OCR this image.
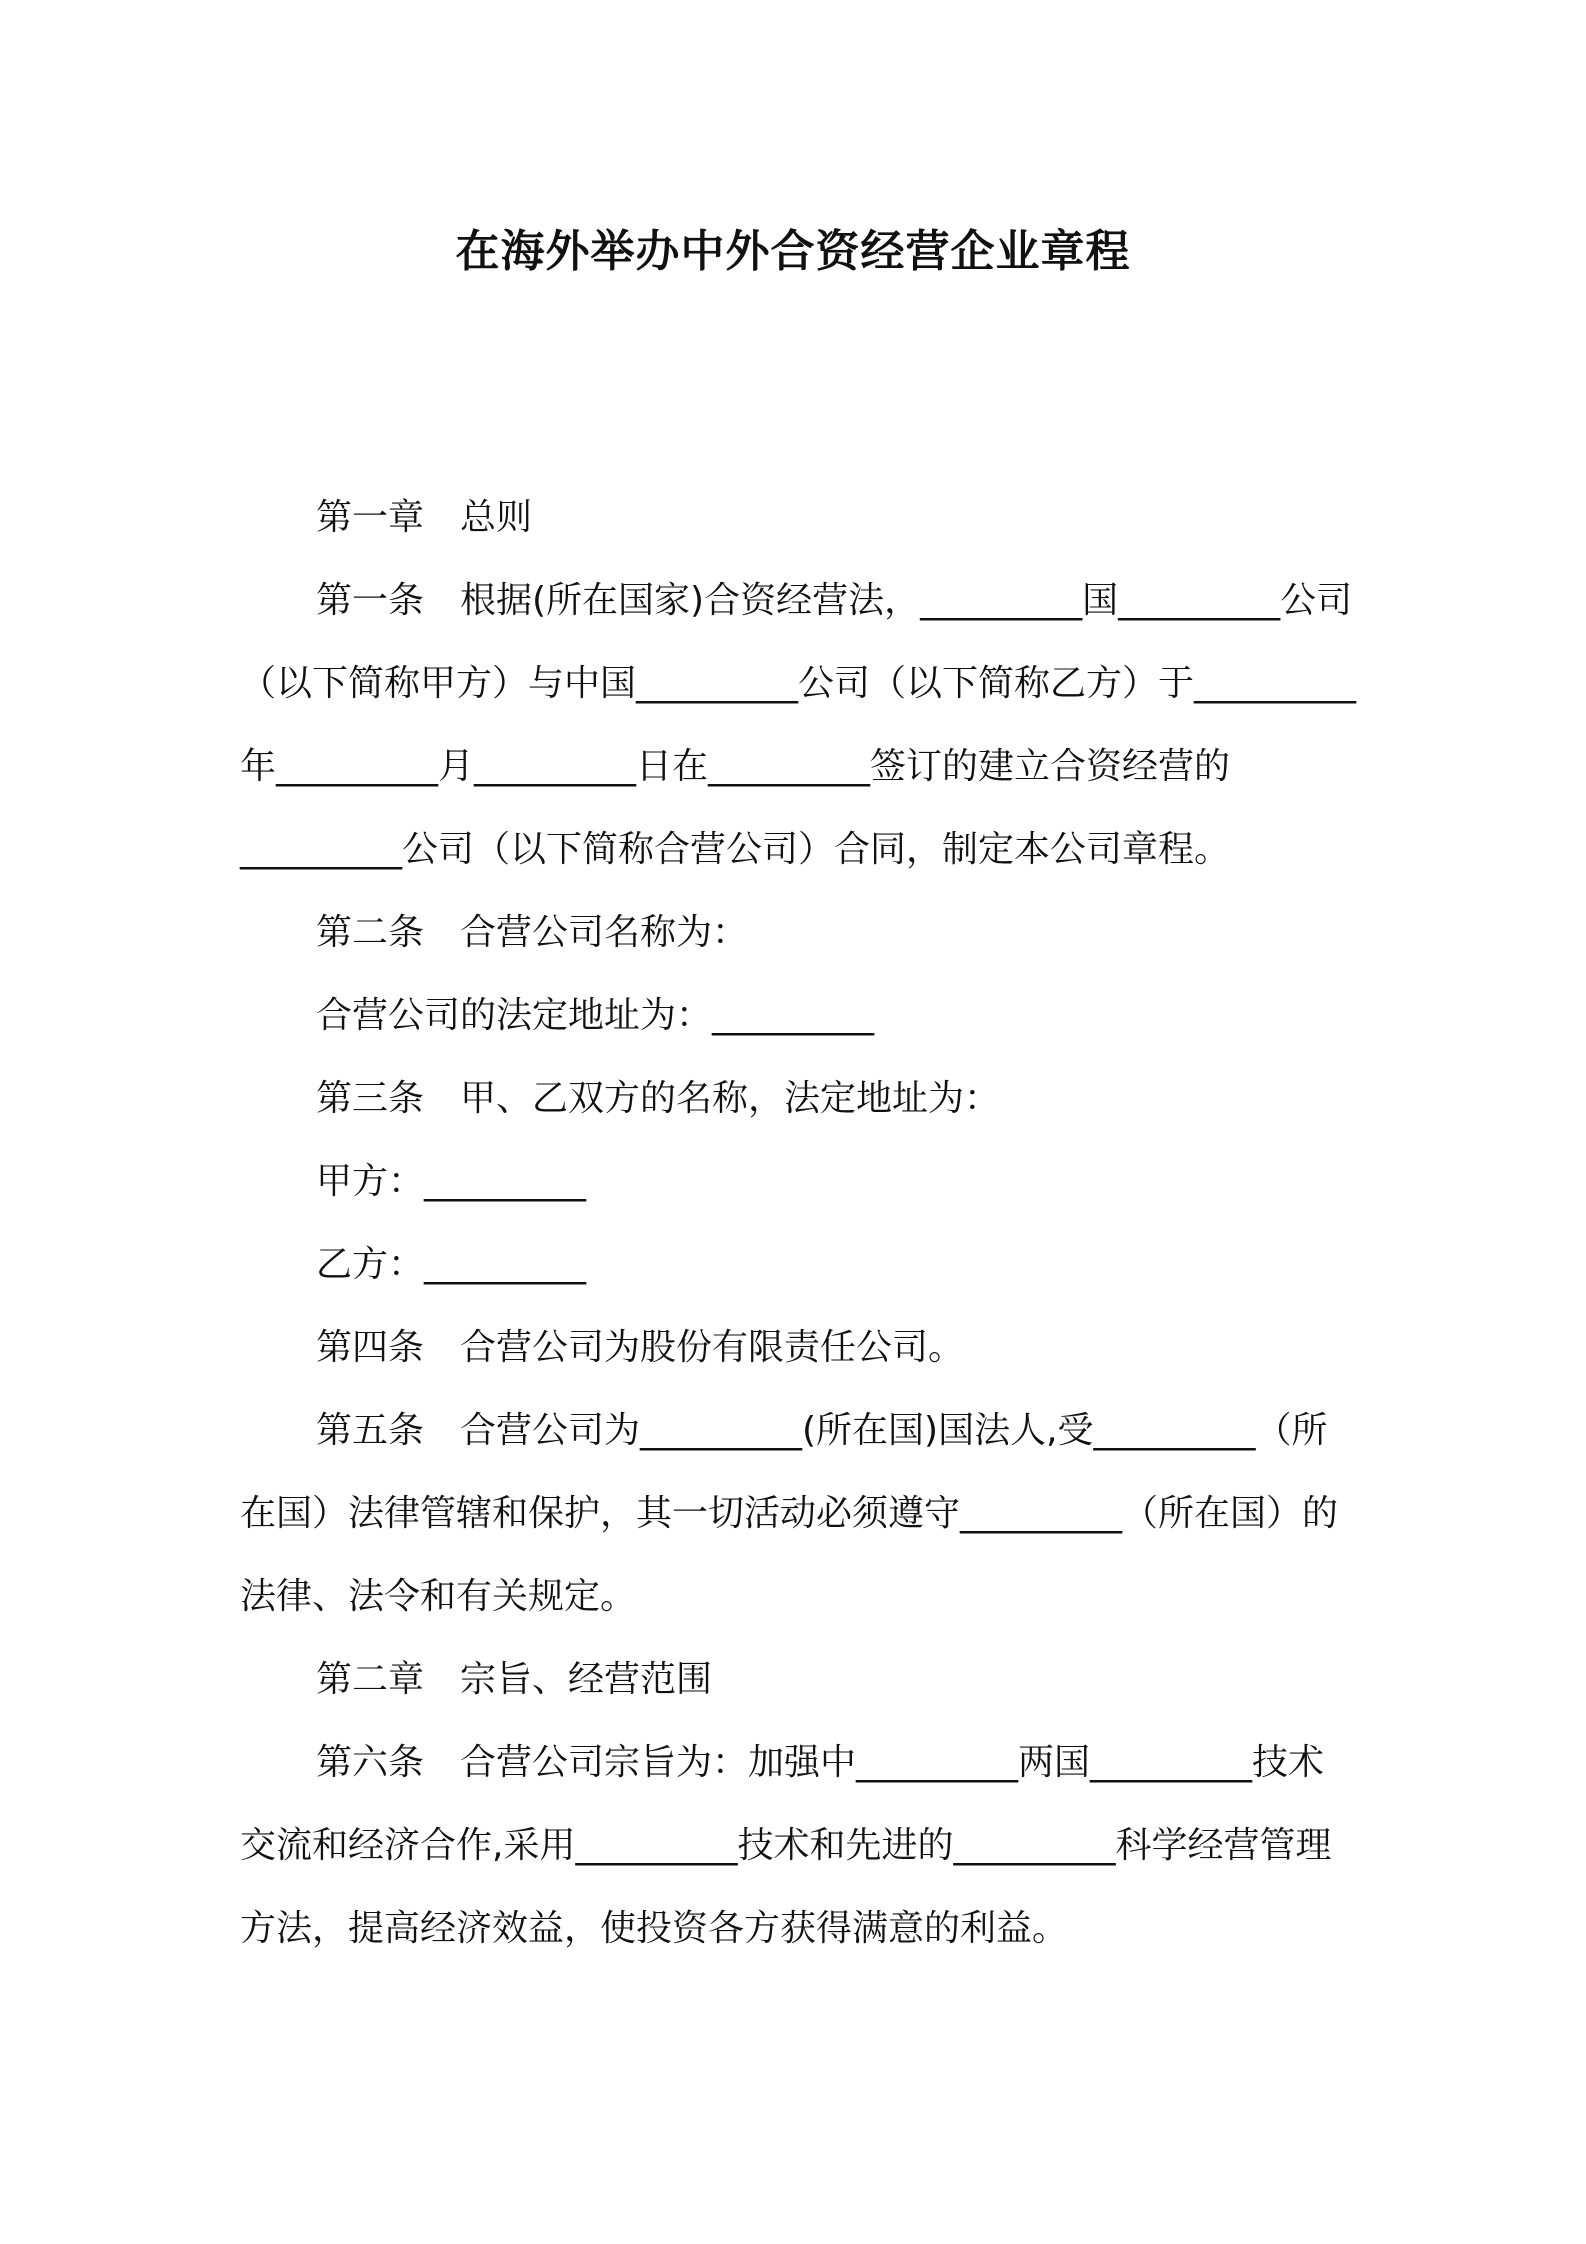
在海外举办中外合资经营企业章程

第一章　总则

第一条　根据(所在国家)合资经营法，_________国_________公司（以下简称甲方）与中国_________公司（以下简称乙方）于_________年_________月_________日在_________签订的建立合资经营的_________公司（以下简称合营公司）合同，制定本公司章程。

第二条　合营公司名称为：

合营公司的法定地址为：_________

第三条　甲、乙双方的名称，法定地址为：

甲方：_________

乙方：_________

第四条　合营公司为股份有限责任公司。

第五条　合营公司为_________(所在国)国法人,受_________（所在国）法律管辖和保护，其一切活动必须遵守_________（所在国）的法律、法令和有关规定。

第二章　宗旨、经营范围

第六条　合营公司宗旨为：加强中_________两国_________技术交流和经济合作,采用_________技术和先进的_________科学经营管理方法，提高经济效益，使投资各方获得满意的利益。
